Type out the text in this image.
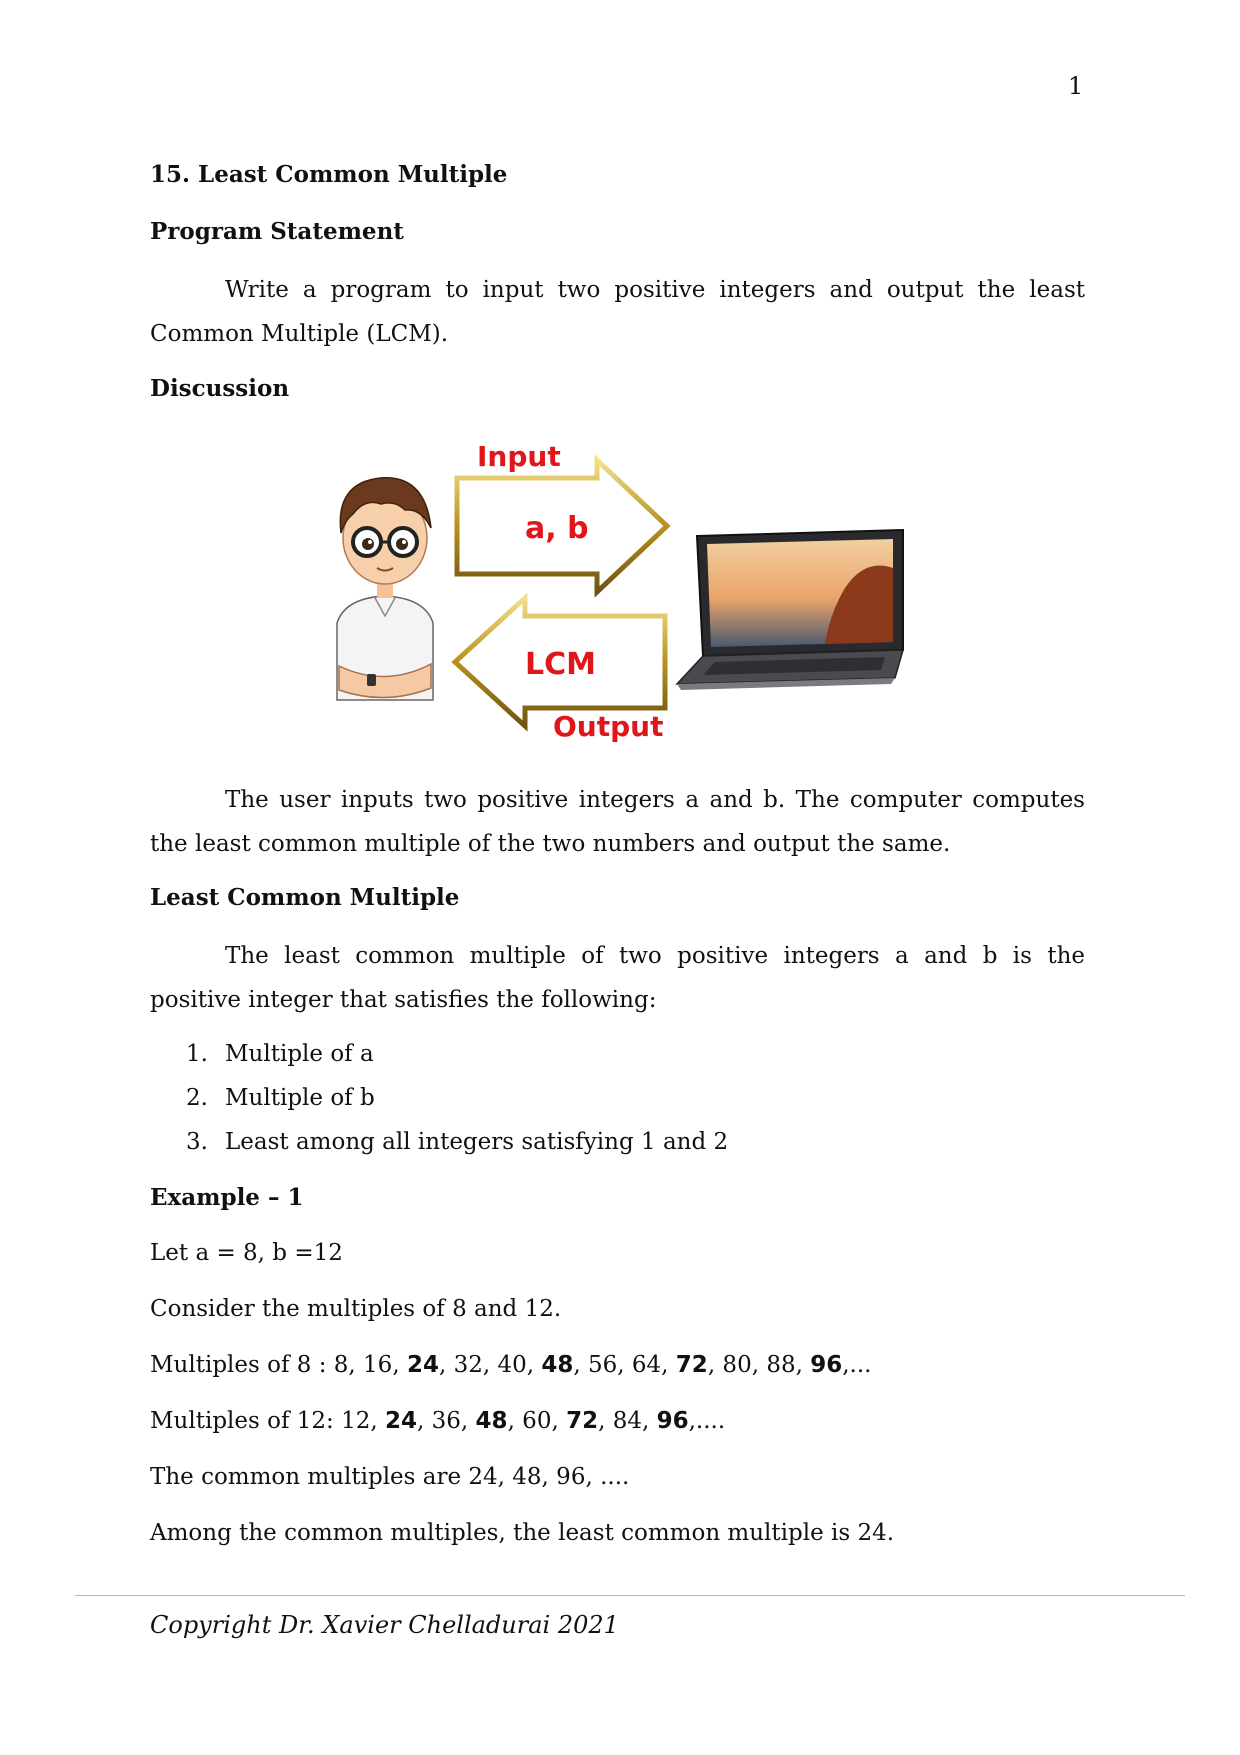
1
15. Least Common Multiple
Program Statement

Write a program to input two positive integers and output the least Common Multiple (LCM).

Discussion

The user inputs two positive integers a and b. The computer computes the least common multiple of the two numbers and output the same.

Least Common Multiple

The least common multiple of two positive integers a and b is the positive integer that satisfies the following:

1. Multiple of a
2. Multiple of b
3. Least among all integers satisfying 1 and 2
Example – 1

Let a = 8, b =12

Consider the multiples of 8 and 12.

Multiples of 8 : 8, 16, 24, 32, 40, 48, 56, 64, 72, 80, 88, 96,...

Multiples of 12: 12, 24, 36, 48, 60, 72, 84, 96,....

The common multiples are 24, 48, 96, ....

Among the common multiples, the least common multiple is 24.

Input
a, b
LCM
Output
Copyright Dr. Xavier Chelladurai 2021
